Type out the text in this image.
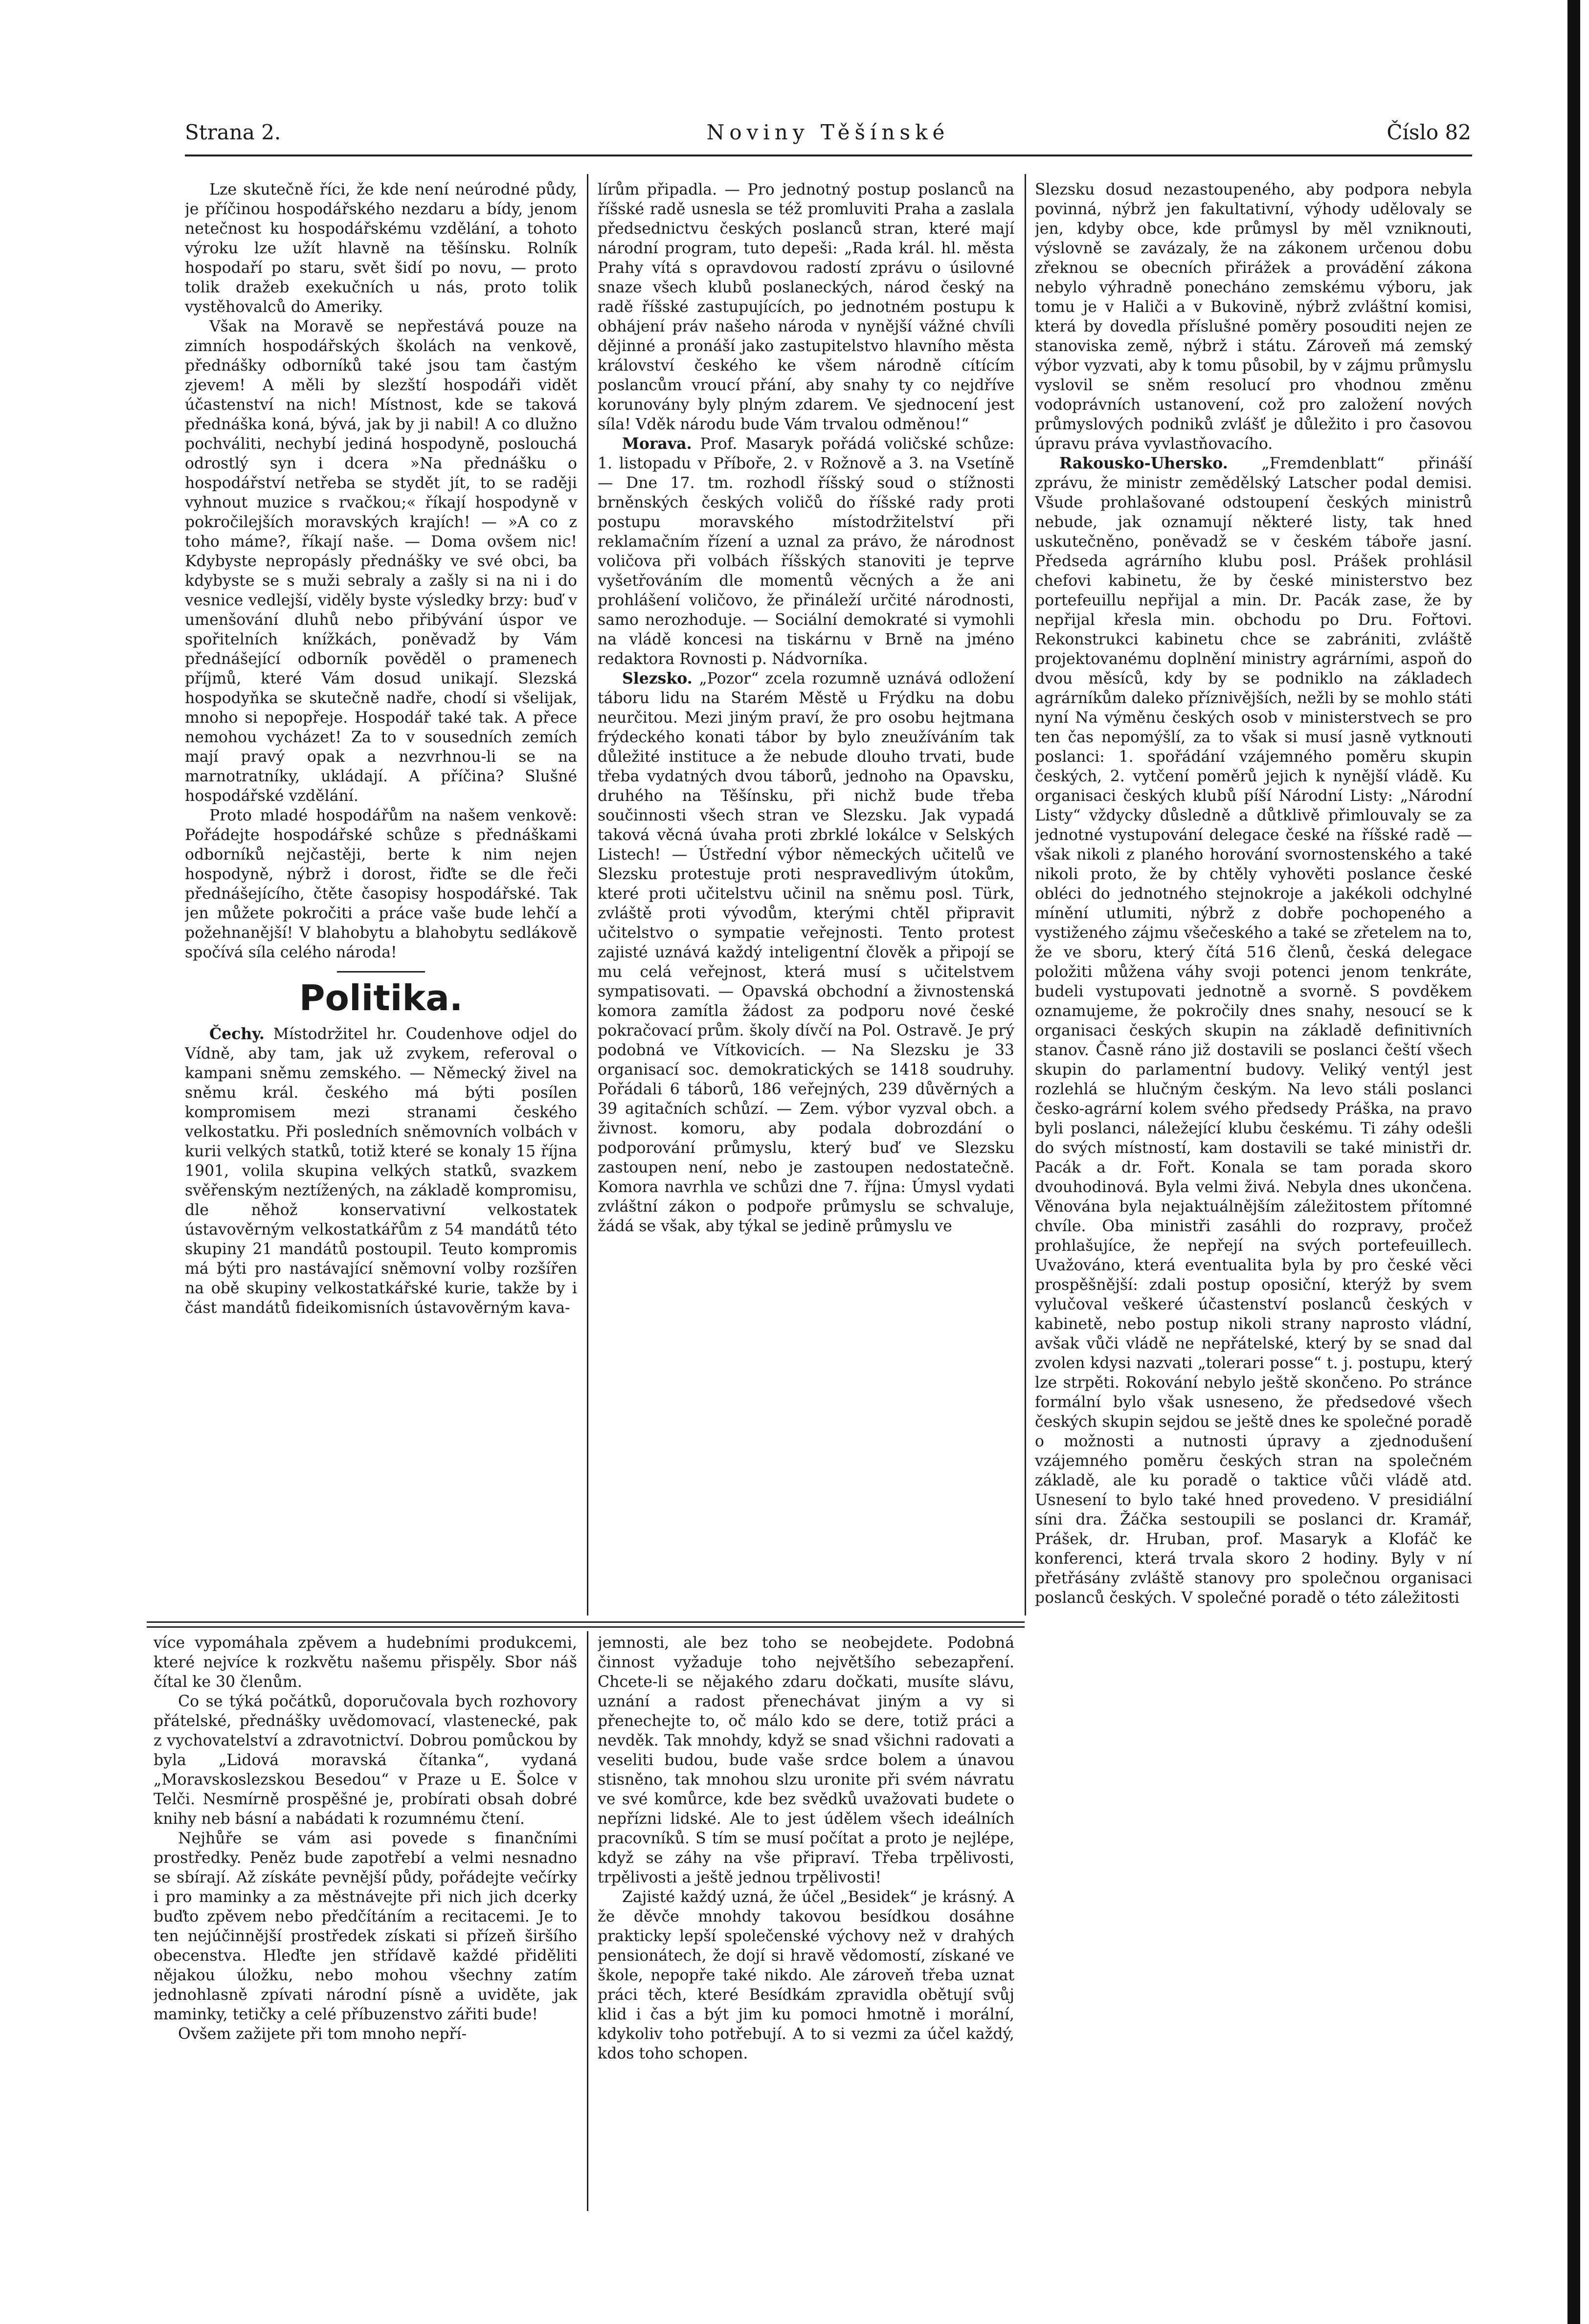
Strana 2.	Noviny Těšínské	Číslo 82

Lze skutečně říci, že kde není neúrodné půdy, je příčinou hospodářského nezdaru a bídy, jenom netečnost ku hospodářskému vzdělání, a tohoto výroku lze užít hlavně na těšínsku. Rolník hospodaří po staru, svět šidí po novu, — proto tolik dražeb exekučních u nás, proto tolik vystěhovalců do Ameriky.

Však na Moravě se nepřestává pouze na zimních hospodářských školách na venkově, přednášky odborníků také jsou tam častým zjevem! A měli by slezští hospodáři vidět účastenství na nich! Místnost, kde se taková přednáška koná, bývá, jak by ji nabil! A co dlužno pochváliti, nechybí jediná hospodyně, poslouchá odrostlý syn i dcera »Na přednášku o hospodářství netřeba se stydět jít, to se raději vyhnout muzice s rvačkou;« říkají hospodyně v pokročilejších moravských krajích! — »A co z toho máme?, říkají naše. — Doma ovšem nic! Kdybyste nepropásly přednášky ve své obci, ba kdybyste se s muži sebraly a zašly si na ni i do vesnice vedlejší, viděly byste výsledky brzy: buď v umenšování dluhů nebo přibývání úspor ve spořitelních knížkách, poněvadž by Vám přednášející odborník pověděl o pramenech příjmů, které Vám dosud unikají. Slezská hospodyňka se skutečně nadře, chodí si všelijak, mnoho si nepopřeje. Hospodář také tak. A přece nemohou vycházet! Za to v sousedních zemích mají pravý opak a nezvrhnou-li se na marnotratníky, ukládají. A příčina? Slušné hospodářské vzdělání.

Proto mladé hospodářům na našem venkově: Pořádejte hospodářské schůze s přednáškami odborníků nejčastěji, berte k nim nejen hospodyně, nýbrž i dorost, řiďte se dle řeči přednášejícího, čtěte časopisy hospodářské. Tak jen můžete pokročiti a práce vaše bude lehčí a požehnanější! V blahobytu a blahobytu sedlákově spočívá síla celého národa!

Politika.

Čechy. Místodržitel hr. Coudenhove odjel do Vídně, aby tam, jak už zvykem, referoval o kampani sněmu zemského. — Německý živel na sněmu král. českého má býti posílen kompromisem mezi stranami českého velkostatku. Při posledních sněmovních volbách v kurii velkých statků, totiž které se konaly 15 října 1901, volila skupina velkých statků, svazkem svěřenským neztížených, na základě kompromisu, dle něhož konservativní velkostatek ústavověrným velkostatkářům z 54 mandátů této skupiny 21 mandátů postoupil. Teuto kompromis má býti pro nastávající sněmovní volby rozšířen na obě skupiny velkostatkářské kurie, takže by i část mandátů fideikomisních ústavověrným kava-

lírům připadla. — Pro jednotný postup poslanců na říšské radě usnesla se též promluviti Praha a zaslala předsednictvu českých poslanců stran, které mají národní program, tuto depeši: „Rada král. hl. města Prahy vítá s opravdovou radostí zprávu o úsilovné snaze všech klubů poslaneckých, národ český na radě říšské zastupujících, po jednotném postupu k obhájení práv našeho národa v nynější vážné chvíli dějinné a pronáší jako zastupitelstvo hlavního města království českého ke všem národně cítícím poslancům vroucí přání, aby snahy ty co nejdříve korunovány byly plným zdarem. Ve sjednocení jest síla! Vděk národu bude Vám trvalou odměnou!“

Morava. Prof. Masaryk pořádá voličské schůze: 1. listopadu v Příboře, 2. v Rožnově a 3. na Vsetíně — Dne 17. tm. rozhodl říšský soud o stížnosti brněnských českých voličů do říšské rady proti postupu moravského místodržitelství při reklamačním řízení a uznal za právo, že národnost voličova při volbách říšských stanoviti je teprve vyšetřováním dle momentů věcných a že ani prohlášení voličovo, že přináleží určité národnosti, samo nerozhoduje. — Sociální demokraté si vymohli na vládě koncesi na tiskárnu v Brně na jméno redaktora Rovnosti p. Nádvorníka.

Slezsko. „Pozor“ zcela rozumně uznává odložení táboru lidu na Starém Městě u Frýdku na dobu neurčitou. Mezi jiným praví, že pro osobu hejtmana frýdeckého konati tábor by bylo zneužíváním tak důležité instituce a že nebude dlouho trvati, bude třeba vydatných dvou táborů, jednoho na Opavsku, druhého na Těšínsku, při nichž bude třeba součinnosti všech stran ve Slezsku. Jak vypadá taková věcná úvaha proti zbrklé lokálce v Selských Listech! — Ústřední výbor německých učitelů ve Slezsku protestuje proti nespravedlivým útokům, které proti učitelstvu učinil na sněmu posl. Türk, zvláště proti vývodům, kterými chtěl připravit učitelstvo o sympatie veřejnosti. Tento protest zajisté uznává každý inteligentní člověk a připojí se mu celá veřejnost, která musí s učitelstvem sympatisovati. — Opavská obchodní a živnostenská komora zamítla žádost za podporu nové české pokračovací prům. školy dívčí na Pol. Ostravě. Je prý podobná ve Vítkovicích. — Na Slezsku je 33 organisací soc. demokratických se 1418 soudruhy. Pořádali 6 táborů, 186 veřejných, 239 důvěrných a 39 agitačních schůzí. — Zem. výbor vyzval obch. a živnost. komoru, aby podala dobrozdání o podporování průmyslu, který buď ve Slezsku zastoupen není, nebo je zastoupen nedostatečně. Komora navrhla ve schůzi dne 7. října: Úmysl vydati zvláštní zákon o podpoře průmyslu se schvaluje, žádá se však, aby týkal se jedině průmyslu ve

Slezsku dosud nezastoupeného, aby podpora nebyla povinná, nýbrž jen fakultativní, výhody udělovaly se jen, kdyby obce, kde průmysl by měl vzniknouti, výslovně se zavázaly, že na zákonem určenou dobu zřeknou se obecních přirážek a provádění zákona nebylo výhradně ponecháno zemskému výboru, jak tomu je v Haliči a v Bukovině, nýbrž zvláštní komisi, která by dovedla příslušné poměry posouditi nejen ze stanoviska země, nýbrž i státu. Zároveň má zemský výbor vyzvati, aby k tomu působil, by v zájmu průmyslu vyslovil se sněm resolucí pro vhodnou změnu vodoprávních ustanovení, což pro založení nových průmyslových podniků zvlášť je důležito i pro časovou úpravu práva vyvlastňovacího.

Rakousko-Uhersko. „Fremdenblatt“ přináší zprávu, že ministr zemědělský Latscher podal demisi. Všude prohlašované odstoupení českých ministrů nebude, jak oznamují některé listy, tak hned uskutečněno, poněvadž se v českém táboře jasní. Předseda agrárního klubu posl. Prášek prohlásil chefovi kabinetu, že by české ministerstvo bez portefeuillu nepřijal a min. Dr. Pacák zase, že by nepřijal křesla min. obchodu po Dru. Fořtovi. Rekonstrukci kabinetu chce se zabrániti, zvláště projektovanému doplnění ministry agrárními, aspoň do dvou měsíců, kdy by se podniklo na základech agrárníkům daleko příznivějších, nežli by se mohlo státi nyní Na výměnu českých osob v ministerstvech se pro ten čas nepomýšlí, za to však si musí jasně vytknouti poslanci: 1. spořádání vzájemného poměru skupin českých, 2. vytčení poměrů jejich k nynější vládě. Ku organisaci českých klubů píší Národní Listy: „Národní Listy“ vždycky důsledně a důtklivě přimlouvaly se za jednotné vystupování delegace české na říšské radě — však nikoli z planého horování svornostenského a také nikoli proto, že by chtěly vyhověti poslance české obléci do jednotného stejnokroje a jakékoli odchylné mínění utlumiti, nýbrž z dobře pochopeného a vystiženého zájmu všečeského a také se zřetelem na to, že ve sboru, který čítá 516 členů, česká delegace položiti můžena váhy svoji potenci jenom tenkráte, budeli vystupovati jednotně a svorně. S povděkem oznamujeme, že pokročily dnes snahy, nesoucí se k organisaci českých skupin na základě definitivních stanov. Časně ráno již dostavili se poslanci čeští všech skupin do parlamentní budovy. Veliký ventýl jest rozlehlá se hlučným českým. Na levo stáli poslanci česko-agrární kolem svého předsedy Práška, na pravo byli poslanci, náležející klubu českému. Ti záhy odešli do svých místností, kam dostavili se také ministři dr. Pacák a dr. Fořt. Konala se tam porada skoro dvouhodinová. Byla velmi živá. Nebyla dnes ukončena. Věnována byla nejaktuálnějším záležitostem přítomné chvíle. Oba ministři zasáhli do rozpravy, pročež prohlašujíce, že nepřejí na svých portefeuillech. Uvažováno, která eventualita byla by pro české věci prospěšnější: zdali postup oposiční, kterýž by svem vylučoval veškeré účastenství poslanců českých v kabinetě, nebo postup nikoli strany naprosto vládní, avšak vůči vládě ne nepřátelské, který by se snad dal zvolen kdysi nazvati „tolerari posse“ t. j. postupu, který lze strpěti. Rokování nebylo ještě skončeno. Po stránce formální bylo však usneseno, že předsedové všech českých skupin sejdou se ještě dnes ke společné poradě o možnosti a nutnosti úpravy a zjednodušení vzájemného poměru českých stran na společném základě, ale ku poradě o taktice vůči vládě atd. Usnesení to bylo také hned provedeno. V presidiální síni dra. Žáčka sestoupili se poslanci dr. Kramář, Prášek, dr. Hruban, prof. Masaryk a Klofáč ke konferenci, která trvala skoro 2 hodiny. Byly v ní přetřásány zvláště stanovy pro společnou organisaci poslanců českých. V společné poradě o této záležitosti

více vypomáhala zpěvem a hudebními produkcemi, které nejvíce k rozkvětu našemu přispěly. Sbor náš čítal ke 30 členům.

Co se týká počátků, doporučovala bych rozhovory přátelské, přednášky uvědomovací, vlastenecké, pak z vychovatelství a zdravotnictví. Dobrou pomůckou by byla „Lidová moravská čítanka“, vydaná „Moravskoslezskou Besedou“ v Praze u E. Šolce v Telči. Nesmírně prospěšné je, probírati obsah dobré knihy neb básní a nabádati k rozumnému čtení.

Nejhůře se vám asi povede s finančními prostředky. Peněz bude zapotřebí a velmi nesnadno se sbírají. Až získáte pevnější půdy, pořádejte večírky i pro maminky a za městnávejte při nich jich dcerky buďto zpěvem nebo předčítáním a recitacemi. Je to ten nejúčinnější prostředek získati si přízeň širšího obecenstva. Hleďte jen střídavě každé přiděliti nějakou úložku, nebo mohou všechny zatím jednohlasně zpívati národní písně a uviděte, jak maminky, tetičky a celé příbuzenstvo zářiti bude!

Ovšem zažijete při tom mnoho nepří-

jemnosti, ale bez toho se neobejdete. Podobná činnost vyžaduje toho největšího sebezapření. Chcete-li se nějakého zdaru dočkati, musíte slávu, uznání a radost přenechávat jiným a vy si přenechejte to, oč málo kdo se dere, totiž práci a nevděk. Tak mnohdy, když se snad všichni radovati a veseliti budou, bude vaše srdce bolem a únavou stisněno, tak mnohou slzu uronite při svém návratu ve své komůrce, kde bez svědků uvažovati budete o nepřízni lidské. Ale to jest údělem všech ideálních pracovníků. S tím se musí počítat a proto je nejlépe, když se záhy na vše připraví. Třeba trpělivosti, trpělivosti a ještě jednou trpělivosti!

Zajisté každý uzná, že účel „Besidek“ je krásný. A že děvče mnohdy takovou besídkou dosáhne prakticky lepší společenské výchovy než v drahých pensionátech, že dojí si hravě vědomostí, získané ve škole, nepopře také nikdo. Ale zároveň třeba uznat práci těch, které Besídkám zpravidla obětují svůj klid i čas a být jim ku pomoci hmotně i morální, kdykoliv toho potřebují. A to si vezmi za účel každý, kdos toho schopen.
